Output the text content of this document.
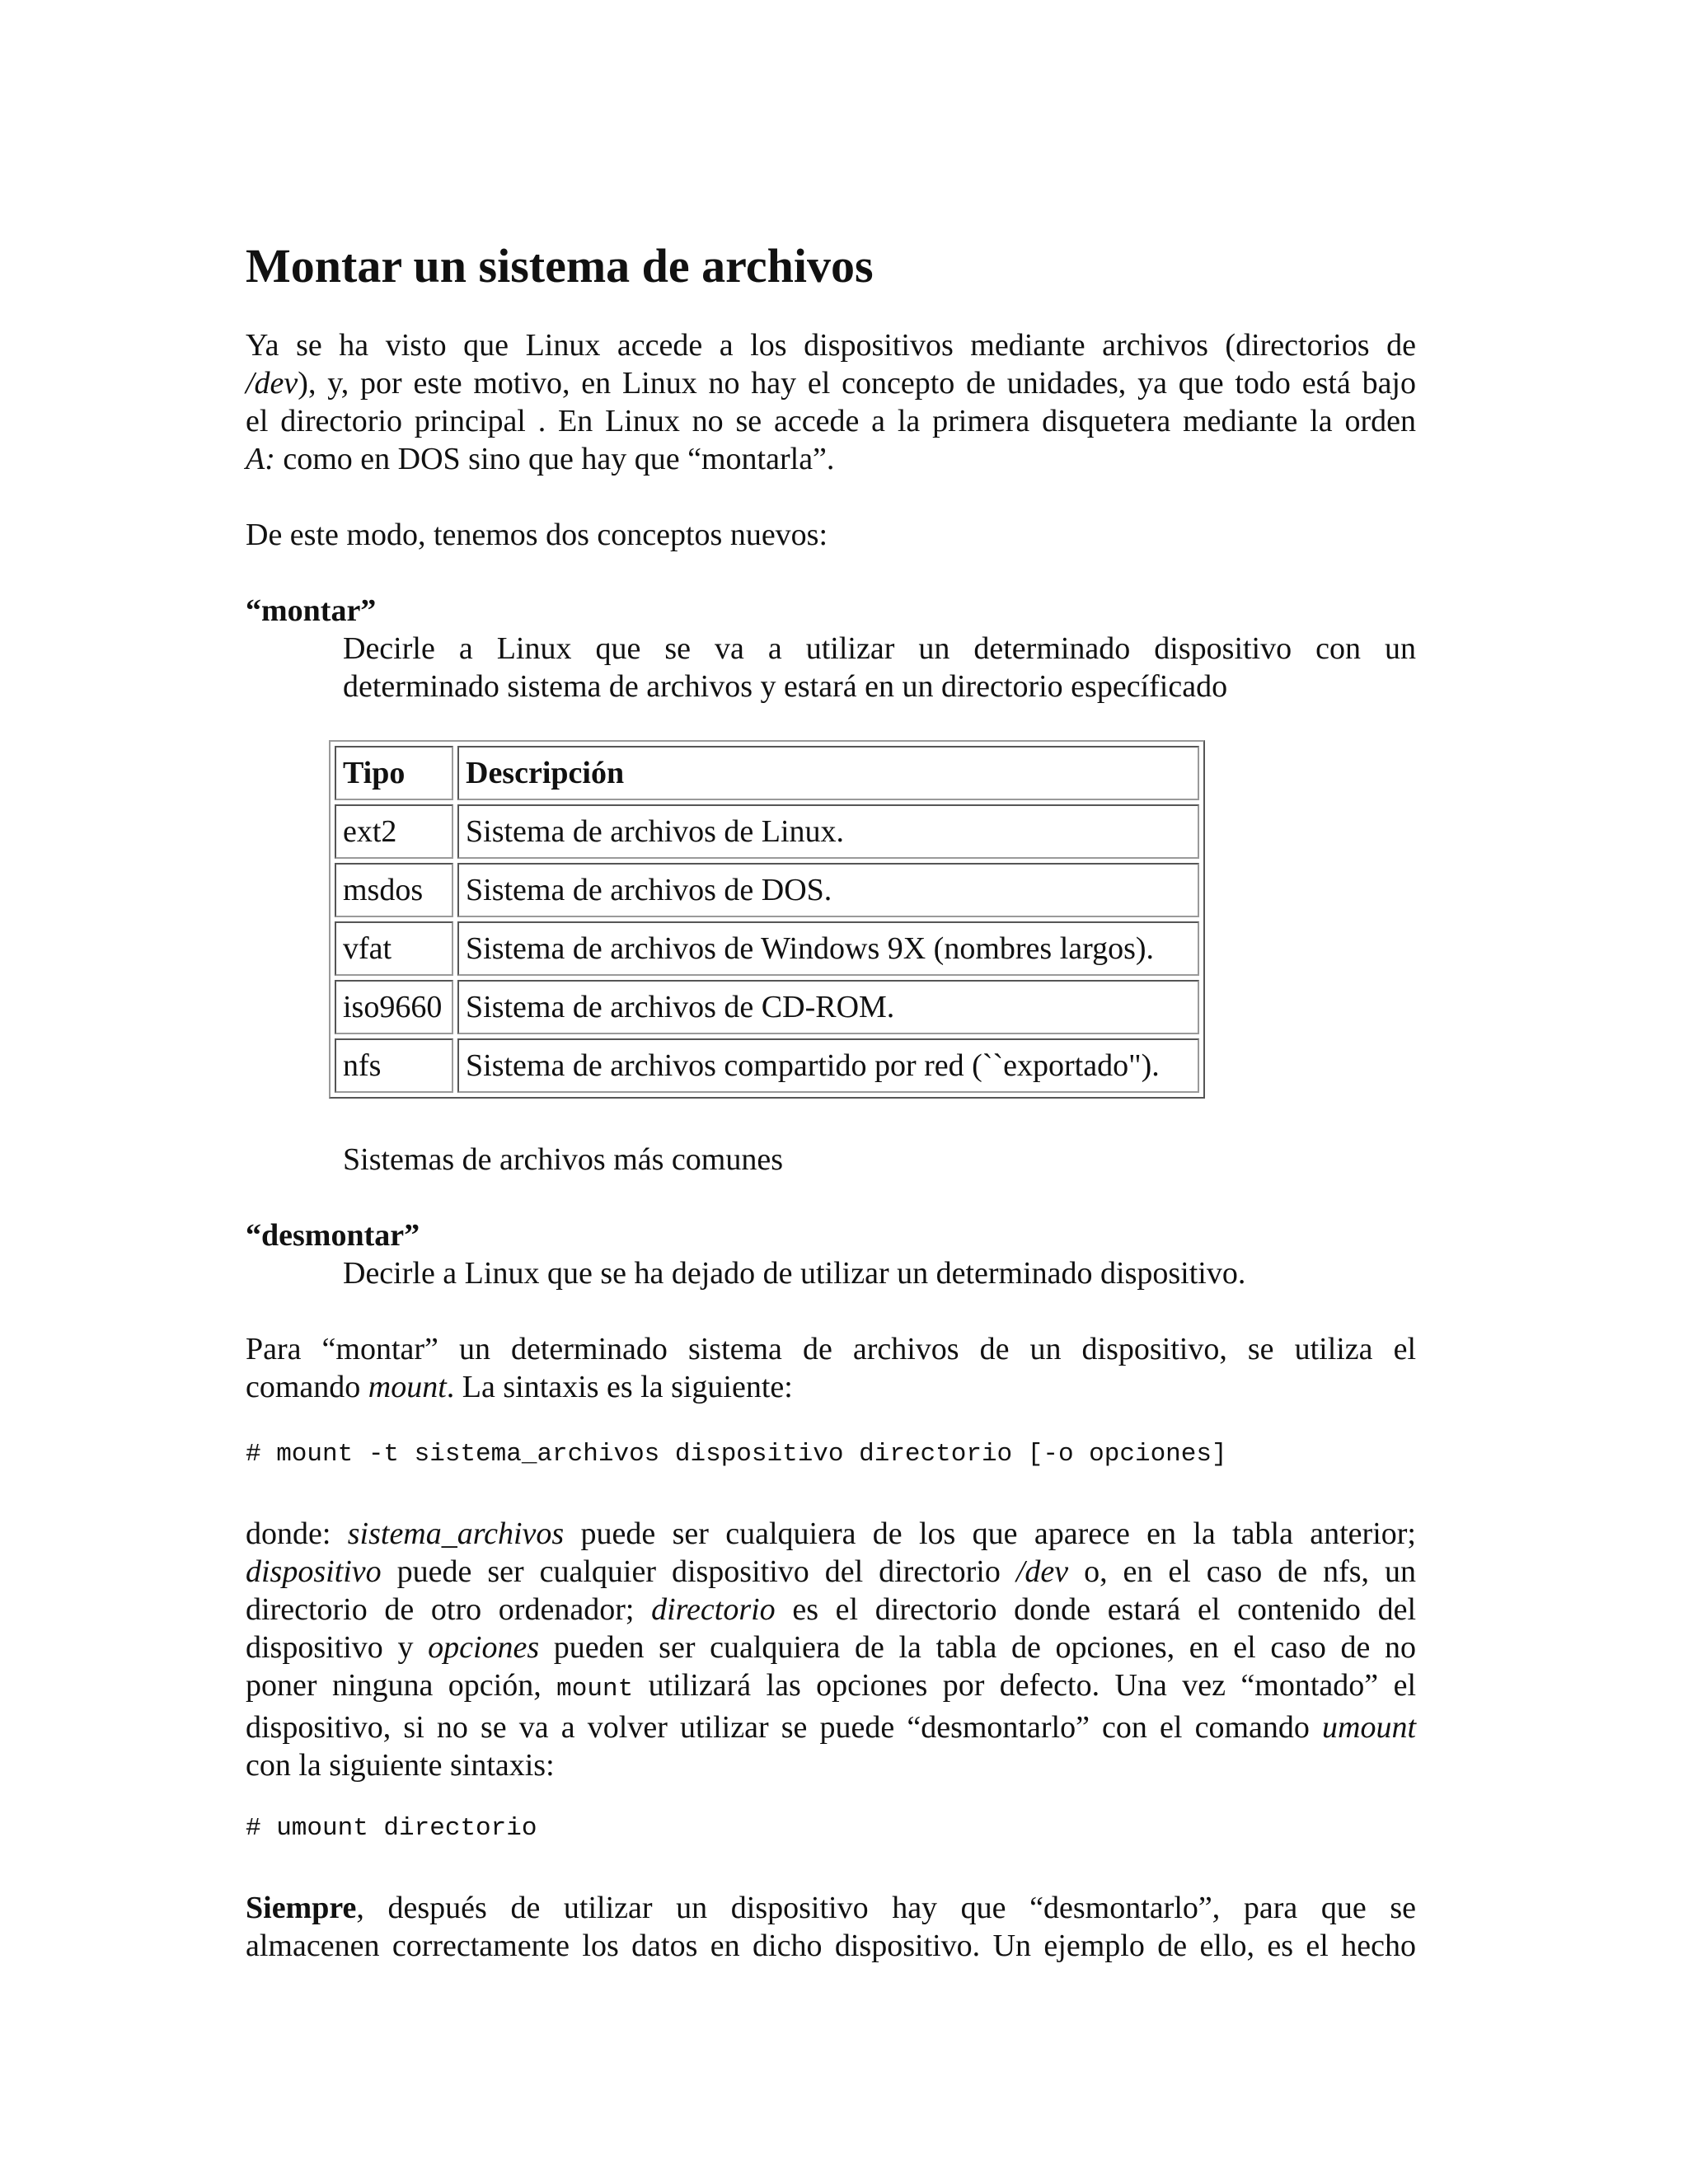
Montar un sistema de archivos
Ya se ha visto que Linux accede a los dispositivos mediante archivos (directorios de
/dev), y, por este motivo, en Linux no hay el concepto de unidades, ya que todo está bajo
el directorio principal . En Linux no se accede a la primera disquetera mediante la orden
A: como en DOS sino que hay que “montarla”.
De este modo, tenemos dos conceptos nuevos:
“montar”
Decirle a Linux que se va a utilizar un determinado dispositivo con un
determinado sistema de archivos y estará en un directorio específicado
Tipo	Descripción
ext2	Sistema de archivos de Linux.
msdos	Sistema de archivos de DOS.
vfat	Sistema de archivos de Windows 9X (nombres largos).
iso9660	Sistema de archivos de CD-ROM.
nfs	Sistema de archivos compartido por red (``exportado").
Sistemas de archivos más comunes
“desmontar”
Decirle a Linux que se ha dejado de utilizar un determinado dispositivo.
Para “montar” un determinado sistema de archivos de un dispositivo, se utiliza el
comando mount. La sintaxis es la siguiente:
# mount -t sistema_archivos dispositivo directorio [-o opciones]
donde: sistema_archivos puede ser cualquiera de los que aparece en la tabla anterior;
dispositivo puede ser cualquier dispositivo del directorio /dev o, en el caso de nfs, un
directorio de otro ordenador; directorio es el directorio donde estará el contenido del
dispositivo y opciones pueden ser cualquiera de la tabla de opciones, en el caso de no
poner ninguna opción, mount utilizará las opciones por defecto. Una vez “montado” el
dispositivo, si no se va a volver utilizar se puede “desmontarlo” con el comando umount
con la siguiente sintaxis:
# umount directorio
Siempre, después de utilizar un dispositivo hay que “desmontarlo”, para que se
almacenen correctamente los datos en dicho dispositivo. Un ejemplo de ello, es el hecho
